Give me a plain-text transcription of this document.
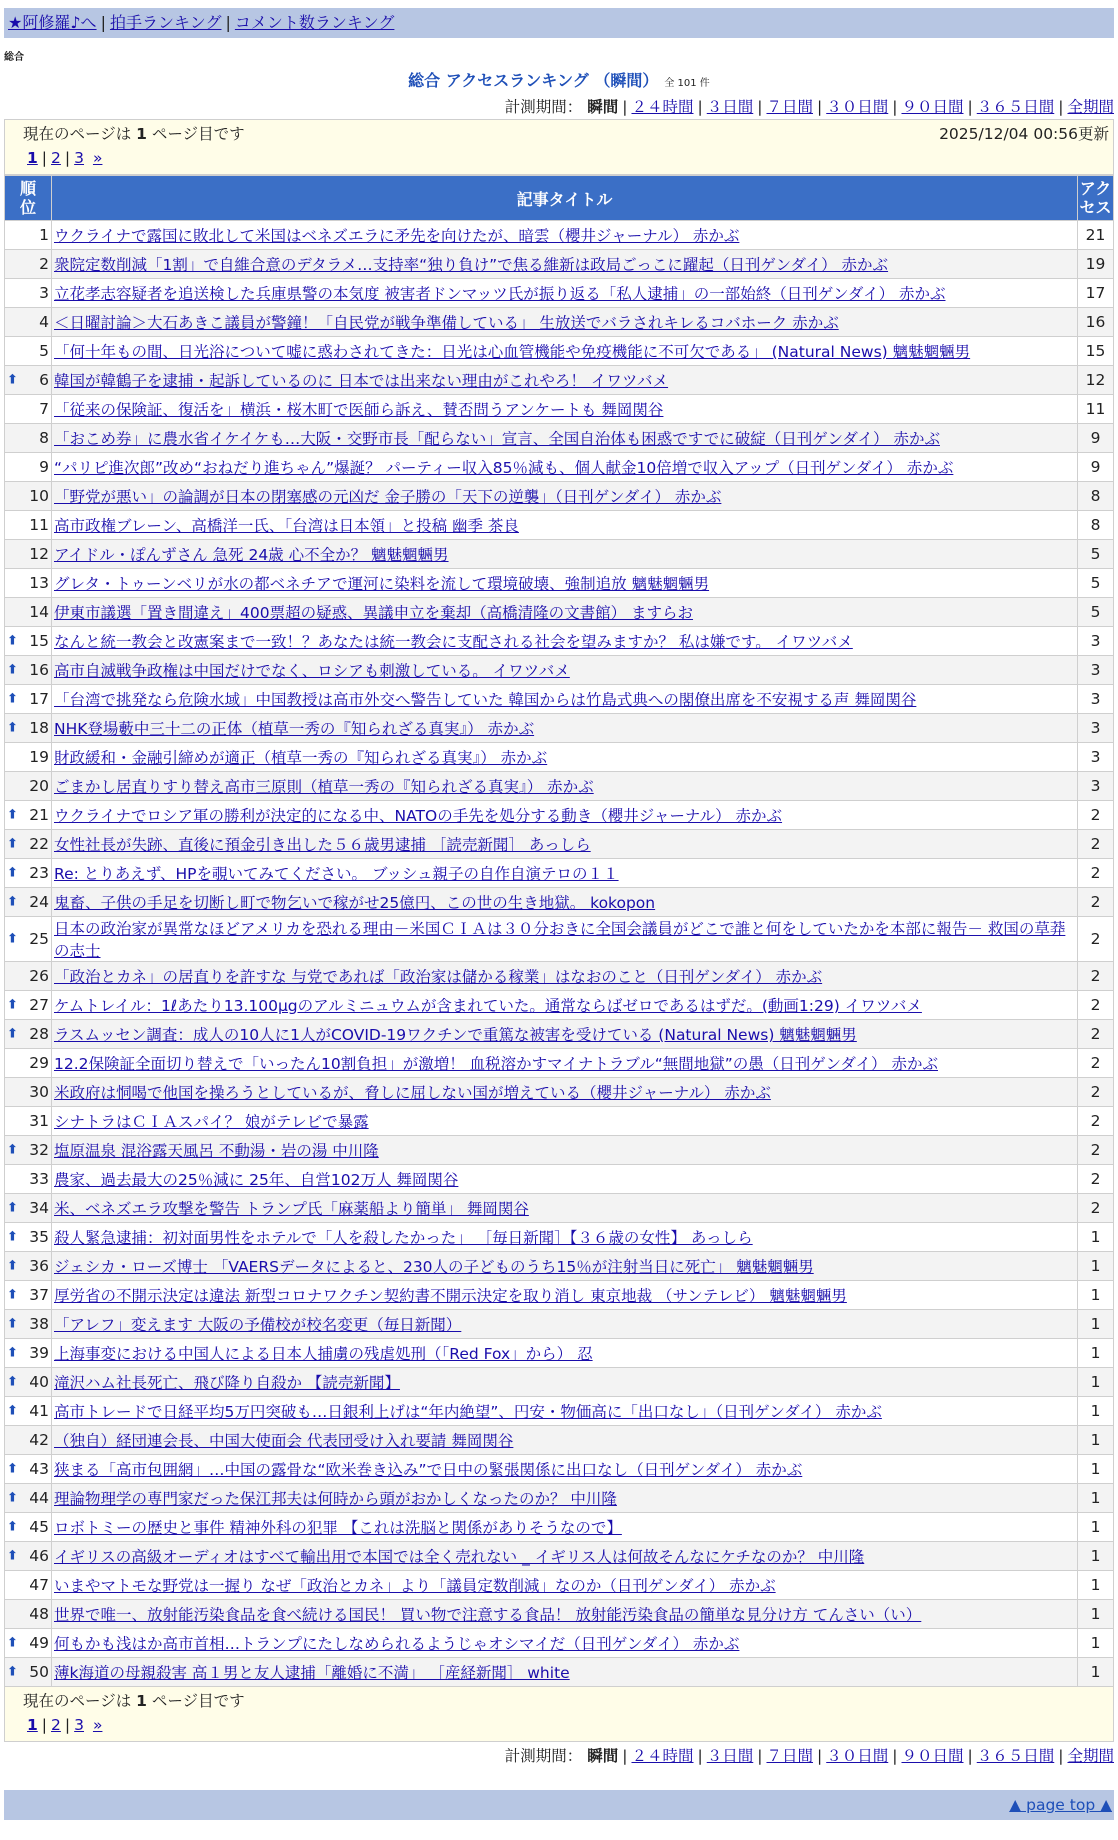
★阿修羅♪へ | 拍手ランキング | コメント数ランキング
総合
総合 アクセスランキング （瞬間） 全 101 件
計測期間： 瞬間 | ２４時間 | ３日間 | ７日間 | ３０日間 | ９０日間 | ３６５日間 | 全期間
現在のページは 1 ページ目です	2025/12/04 00:56更新
1 | 2 | 3 »
順
位	記事タイトル	アク
セス
1	ウクライナで露国に敗北して米国はベネズエラに矛先を向けたが、暗雲（櫻井ジャーナル） 赤かぶ	21
2	衆院定数削減「1割」で自維合意のデタラメ…支持率“独り負け”で焦る維新は政局ごっこに躍起（日刊ゲンダイ） 赤かぶ	19
3	立花孝志容疑者を追送検した兵庫県警の本気度 被害者ドンマッツ氏が振り返る「私人逮捕」の一部始終（日刊ゲンダイ） 赤かぶ	17
4	＜日曜討論＞大石あきこ議員が警鐘！「自民党が戦争準備している」 生放送でバラされキレるコバホーク 赤かぶ	16
5	「何十年もの間、日光浴について嘘に惑わされてきた：日光は心血管機能や免疫機能に不可欠である」 (Natural News) 魑魅魍魎男	15

⬆ 6	韓国が韓鶴子を逮捕・起訴しているのに 日本では出来ない理由がこれやろ！ イワツバメ	12
7	「従来の保険証、復活を」横浜・桜木町で医師ら訴え、賛否問うアンケートも 舞岡関谷	11
8	「おこめ券」に農水省イケイケも…大阪・交野市長「配らない」宣言、全国自治体も困惑ですでに破綻（日刊ゲンダイ） 赤かぶ	9
9	“パリピ進次郎”改め“おねだり進ちゃん”爆誕？ パーティー収入85％減も、個人献金10倍増で収入アップ（日刊ゲンダイ） 赤かぶ	9
10	「野党が悪い」の論調が日本の閉塞感の元凶だ 金子勝の「天下の逆襲」（日刊ゲンダイ） 赤かぶ	8
11	高市政権ブレーン、高橋洋一氏、「台湾は日本領」と投稿 幽季 茶良	8
12	アイドル・ぽんずさん 急死 24歳 心不全か？ 魑魅魍魎男	5
13	グレタ・トゥーンベリが水の都ベネチアで運河に染料を流して環境破壊、強制追放 魑魅魍魎男	5
14	伊東市議選「置き間違え」400票超の疑惑、異議申立を棄却（高橋清隆の文書館） ますらお	5

⬆ 15	なんと統一教会と改憲案まで一致！？あなたは統一教会に支配される社会を望みますか？ 私は嫌です。 イワツバメ	3

⬆ 16	高市自滅戦争政権は中国だけでなく、ロシアも刺激している。 イワツバメ	3

⬆ 17	「台湾で挑発なら危険水域」中国教授は高市外交へ警告していた 韓国からは竹島式典への閣僚出席を不安視する声 舞岡関谷	3

⬆ 18	NHK登場藪中三十二の正体（植草一秀の『知られざる真実』） 赤かぶ	3
19	財政緩和・金融引締めが適正（植草一秀の『知られざる真実』） 赤かぶ	3
20	ごまかし居直りすり替え高市三原則（植草一秀の『知られざる真実』） 赤かぶ	3

⬆ 21	ウクライナでロシア軍の勝利が決定的になる中、NATOの手先を処分する動き（櫻井ジャーナル） 赤かぶ	2

⬆ 22	女性社長が失跡、直後に預金引き出した５６歳男逮捕 ［読売新聞］ あっしら	2

⬆ 23	Re: とりあえず、HPを覗いてみてください。 ブッシュ親子の自作自演テロの１１	2

⬆ 24	鬼畜、子供の手足を切断し町で物乞いで稼がせ25億円、この世の生き地獄。 kokopon	2

⬆ 25	日本の政治家が異常なほどアメリカを恐れる理由－米国ＣＩＡは３０分おきに全国会議員がどこで誰と何をしていたかを本部に報告－ 救国の草莽の志士	2
26	「政治とカネ」の居直りを許すな 与党であれば「政治家は儲かる稼業」はなおのこと（日刊ゲンダイ） 赤かぶ	2

⬆ 27	ケムトレイル：1ℓあたり13.100μgのアルミニュウムが含まれていた。通常ならばゼロであるはずだ。(動画1:29) イワツバメ	2

⬆ 28	ラスムッセン調査：成人の10人に1人がCOVID-19ワクチンで重篤な被害を受けている (Natural News) 魑魅魍魎男	2
29	12.2保険証全面切り替えで「いったん10割負担」が激増！ 血税溶かすマイナトラブル“無間地獄”の愚（日刊ゲンダイ） 赤かぶ	2
30	米政府は恫喝で他国を操ろうとしているが、脅しに屈しない国が増えている（櫻井ジャーナル） 赤かぶ	2
31	シナトラはＣＩＡスパイ？ 娘がテレビで暴露	2

⬆ 32	塩原温泉 混浴露天風呂 不動湯・岩の湯 中川隆	2
33	農家、過去最大の25％減に 25年、自営102万人 舞岡関谷	2

⬆ 34	米、ベネズエラ攻撃を警告 トランプ氏「麻薬船より簡単」 舞岡関谷	2

⬆ 35	殺人緊急逮捕：初対面男性をホテルで「人を殺したかった」 ［毎日新聞］【３６歳の女性】 あっしら	1

⬆ 36	ジェシカ・ローズ博士 「VAERSデータによると、230人の子どものうち15％が注射当日に死亡」 魑魅魍魎男	1

⬆ 37	厚労省の不開示決定は違法 新型コロナワクチン契約書不開示決定を取り消し 東京地裁 （サンテレビ） 魑魅魍魎男	1

⬆ 38	「アレフ」変えます 大阪の予備校が校名変更（毎日新聞）	1

⬆ 39	上海事変における中国人による日本人捕虜の残虐処刑（「Red Fox」から） 忍	1

⬆ 40	滝沢ハム社長死亡、飛び降り自殺か 【読売新聞】	1

⬆ 41	高市トレードで日経平均5万円突破も…日銀利上げは“年内絶望”、円安・物価高に「出口なし」（日刊ゲンダイ） 赤かぶ	1
42	（独自）経団連会長、中国大使面会 代表団受け入れ要請 舞岡関谷	1

⬆ 43	狭まる「高市包囲網」…中国の露骨な“欧米巻き込み”で日中の緊張関係に出口なし（日刊ゲンダイ） 赤かぶ	1

⬆ 44	理論物理学の専門家だった保江邦夫は何時から頭がおかしくなったのか？ 中川隆	1

⬆ 45	ロボトミーの歴史と事件 精神外科の犯罪 【これは洗脳と関係がありそうなので】	1

⬆ 46	イギリスの高級オーディオはすべて輸出用で本国では全く売れない _ イギリス人は何故そんなにケチなのか？ 中川隆	1
47	いまやマトモな野党は一握り なぜ「政治とカネ」より「議員定数削減」なのか（日刊ゲンダイ） 赤かぶ	1
48	世界で唯一、放射能汚染食品を食べ続ける国民！ 買い物で注意する食品！ 放射能汚染食品の簡単な見分け方 てんさい（い）	1

⬆ 49	何もかも浅はか高市首相…トランプにたしなめられるようじゃオシマイだ（日刊ゲンダイ） 赤かぶ	1

⬆ 50	薄k海道の母親殺害 高１男と友人逮捕「離婚に不満」 ［産経新聞］ white	1
現在のページは 1 ページ目です
1 | 2 | 3 »
計測期間： 瞬間 | ２４時間 | ３日間 | ７日間 | ３０日間 | ９０日間 | ３６５日間 | 全期間
▲ page top ▲
